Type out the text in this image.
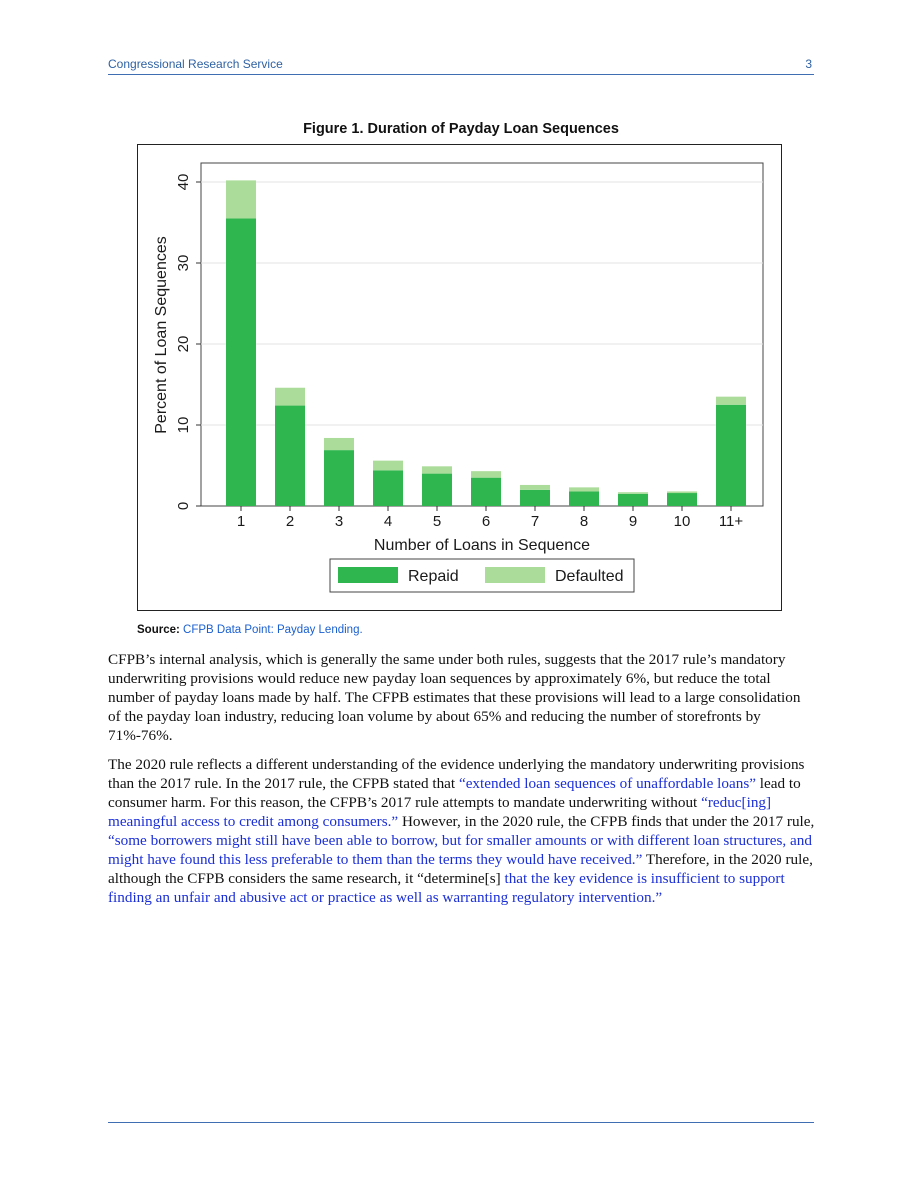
Congressional Research Service	3
Figure 1. Duration of Payday Loan Sequences
0
10
20
30
40
1	2	3	4	5	6	7	8	9 10 11+
Percent of Loan Sequences
Number of Loans in Sequence
Repaid	Defaulted
Source: CFPB Data Point: Payday Lending.

CFPB’s internal analysis, which is generally the same under both rules, suggests that the 2017 rule’s mandatory underwriting provisions would reduce new payday loan sequences by approximately 6%, but reduce the total number of payday loans made by half. The CFPB estimates that these provisions will lead to a large consolidation of the payday loan industry, reducing loan volume by about 65% and reducing the number of storefronts by 71%-76%.

The 2020 rule reflects a different understanding of the evidence underlying the mandatory underwriting provisions than the 2017 rule. In the 2017 rule, the CFPB stated that “extended loan sequences of unaffordable loans” lead to consumer harm. For this reason, the CFPB’s 2017 rule attempts to mandate underwriting without “reduc[ing] meaningful access to credit among consumers.” However, in the 2020 rule, the CFPB finds that under the 2017 rule, “some borrowers might still have been able to borrow, but for smaller amounts or with different loan structures, and might have found this less preferable to them than the terms they would have received.” Therefore, in the 2020 rule, although the CFPB considers the same research, it “determine[s] that the key evidence is insufficient to support finding an unfair and abusive act or practice as well as warranting regulatory intervention.”
